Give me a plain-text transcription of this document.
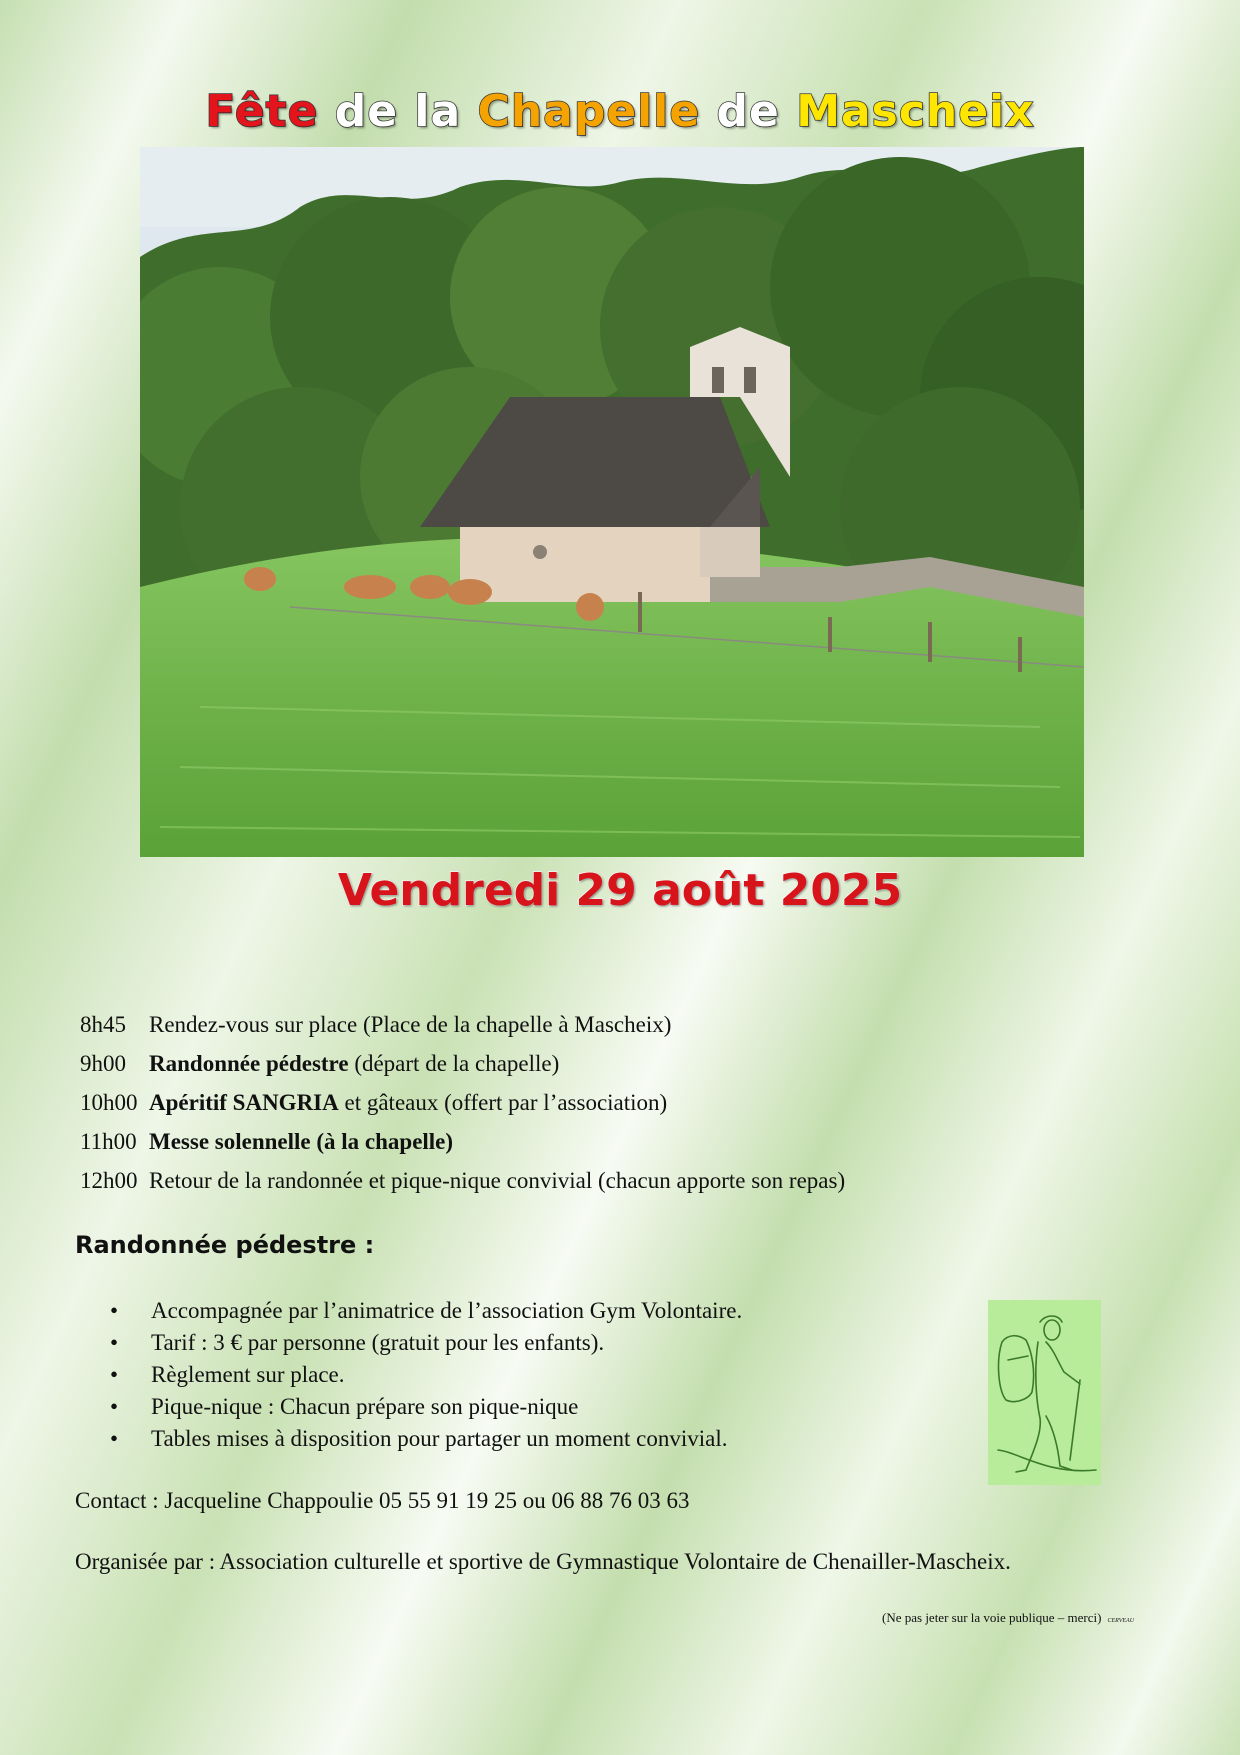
Fête de la Chapelle de Mascheix
Vendredi 29 août 2025
8h45 Rendez-vous sur place (Place de la chapelle à Mascheix)
9h00 Randonnée pédestre (départ de la chapelle)
10h00 Apéritif SANGRIA et gâteaux (offert par l’association)
11h00 Messe solennelle (à la chapelle)
12h00 Retour de la randonnée et pique-nique convivial (chacun apporte son repas)
Randonnée pédestre :
• Accompagnée par l’animatrice de l’association Gym Volontaire.
• Tarif : 3 € par personne (gratuit pour les enfants).
• Règlement sur place.
• Pique-nique : Chacun prépare son pique-nique
• Tables mises à disposition pour partager un moment convivial.
Contact : Jacqueline Chappoulie 05 55 91 19 25 ou 06 88 76 03 63
Organisée par : Association culturelle et sportive de Gymnastique Volontaire de Chenailler-Mascheix.
(Ne pas jeter sur la voie publique – merci) CERVEAU
